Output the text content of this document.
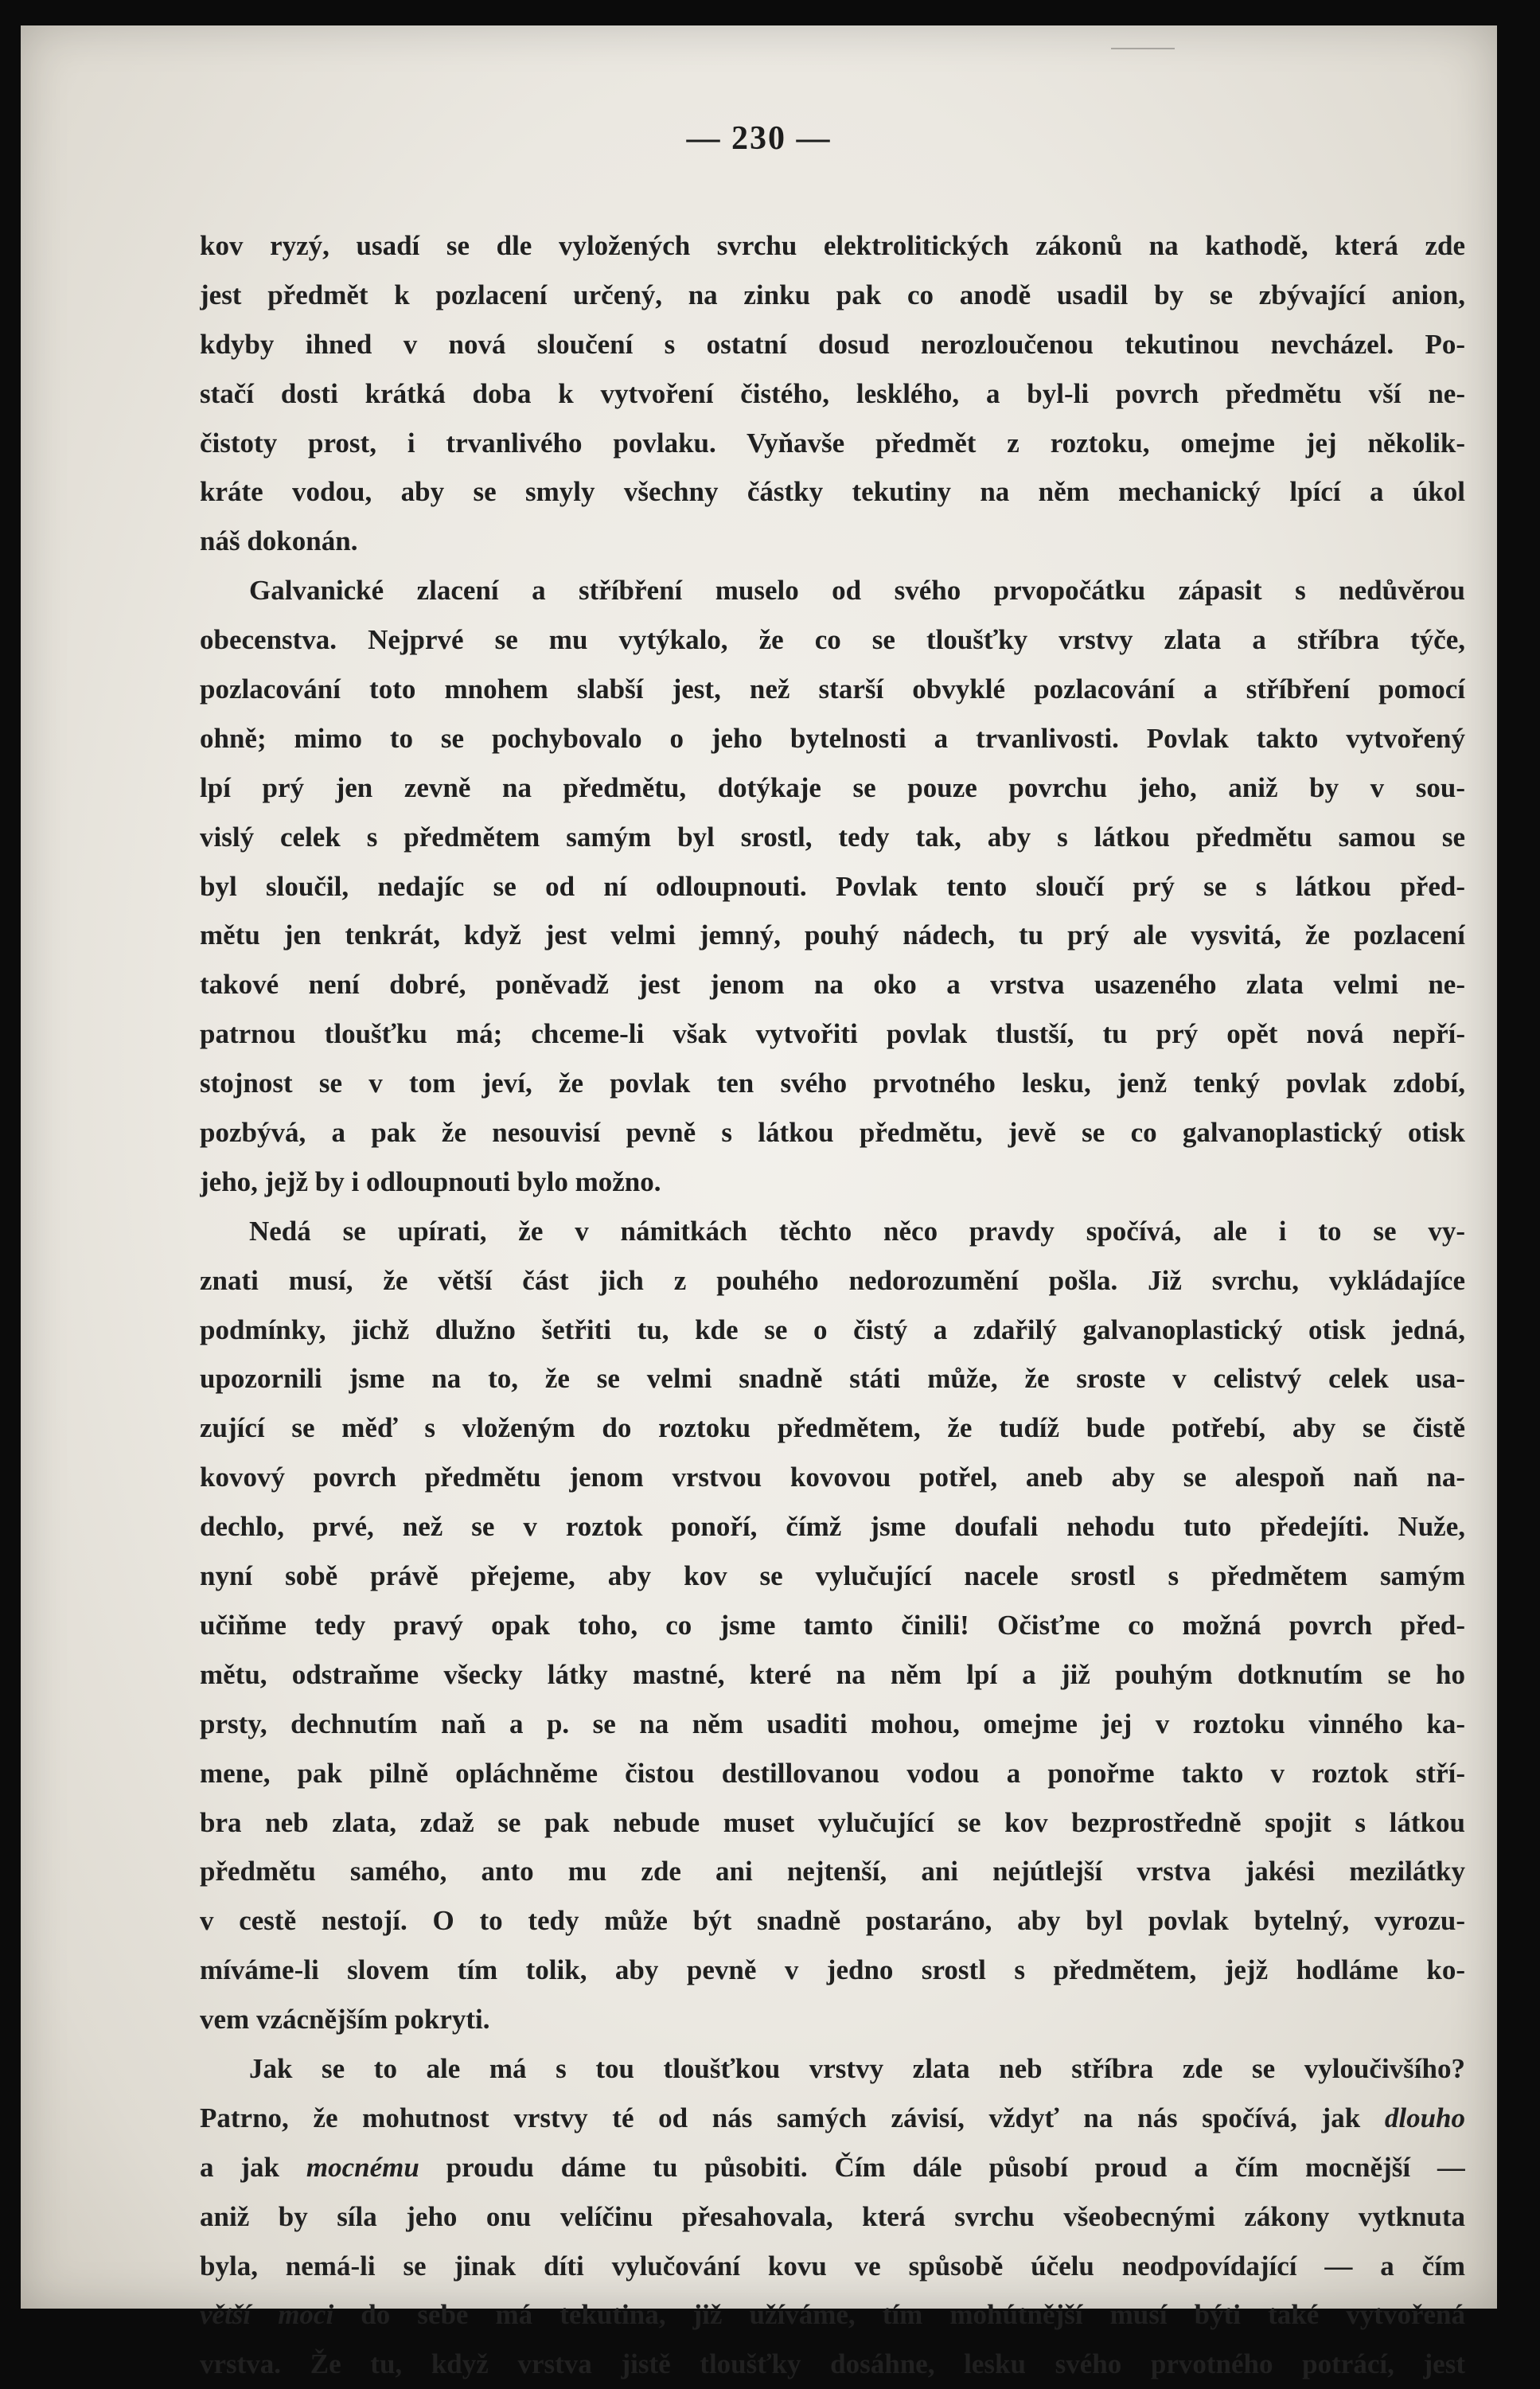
— 230 —
kov ryzý, usadí se dle vyložených svrchu elektrolitických zákonů na kathodě, která zde
jest předmět k pozlacení určený, na zinku pak co anodě usadil by se zbývající anion,
kdyby ihned v nová sloučení s ostatní dosud nerozloučenou tekutinou nevcházel. Po-
stačí dosti krátká doba k vytvoření čistého, lesklého, a byl-li povrch předmětu vší ne-
čistoty prost, i trvanlivého povlaku. Vyňavše předmět z roztoku, omejme jej několik-
kráte vodou, aby se smyly všechny částky tekutiny na něm mechanický lpící a úkol
náš dokonán.
Galvanické zlacení a stříbření muselo od svého prvopočátku zápasit s nedůvěrou
obecenstva. Nejprvé se mu vytýkalo, že co se tloušťky vrstvy zlata a stříbra týče,
pozlacování toto mnohem slabší jest, než starší obvyklé pozlacování a stříbření pomocí
ohně; mimo to se pochybovalo o jeho bytelnosti a trvanlivosti. Povlak takto vytvořený
lpí prý jen zevně na předmětu, dotýkaje se pouze povrchu jeho, aniž by v sou-
vislý celek s předmětem samým byl srostl, tedy tak, aby s látkou předmětu samou se
byl sloučil, nedajíc se od ní odloupnouti. Povlak tento sloučí prý se s látkou před-
mětu jen tenkrát, když jest velmi jemný, pouhý nádech, tu prý ale vysvitá, že pozlacení
takové není dobré, poněvadž jest jenom na oko a vrstva usazeného zlata velmi ne-
patrnou tloušťku má; chceme-li však vytvořiti povlak tlustší, tu prý opět nová nepří-
stojnost se v tom jeví, že povlak ten svého prvotného lesku, jenž tenký povlak zdobí,
pozbývá, a pak že nesouvisí pevně s látkou předmětu, jevě se co galvanoplastický otisk
jeho, jejž by i odloupnouti bylo možno.
Nedá se upírati, že v námitkách těchto něco pravdy spočívá, ale i to se vy-
znati musí, že větší část jich z pouhého nedorozumění pošla. Již svrchu, vykládajíce
podmínky, jichž dlužno šetřiti tu, kde se o čistý a zdařilý galvanoplastický otisk jedná,
upozornili jsme na to, že se velmi snadně státi může, že sroste v celistvý celek usa-
zující se měď s vloženým do roztoku předmětem, že tudíž bude potřebí, aby se čistě
kovový povrch předmětu jenom vrstvou kovovou potřel, aneb aby se alespoň naň na-
dechlo, prvé, než se v roztok ponoří, čímž jsme doufali nehodu tuto předejíti. Nuže,
nyní sobě právě přejeme, aby kov se vylučující nacele srostl s předmětem samým
učiňme tedy pravý opak toho, co jsme tamto činili! Očisťme co možná povrch před-
mětu, odstraňme všecky látky mastné, které na něm lpí a již pouhým dotknutím se ho
prsty, dechnutím naň a p. se na něm usaditi mohou, omejme jej v roztoku vinného ka-
mene, pak pilně opláchněme čistou destillovanou vodou a ponořme takto v roztok stří-
bra neb zlata, zdaž se pak nebude muset vylučující se kov bezprostředně spojit s látkou
předmětu samého, anto mu zde ani nejtenší, ani nejútlejší vrstva jakési mezilátky
v cestě nestojí. O to tedy může být snadně postaráno, aby byl povlak bytelný, vyrozu-
míváme-li slovem tím tolik, aby pevně v jedno srostl s předmětem, jejž hodláme ko-
vem vzácnějším pokryti.
Jak se to ale má s tou tloušťkou vrstvy zlata neb stříbra zde se vyloučivšího?
Patrno, že mohutnost vrstvy té od nás samých závisí, vždyť na nás spočívá, jak dlouho
a jak mocnému proudu dáme tu působiti. Čím dále působí proud a čím mocnější —
aniž by síla jeho onu velíčinu přesahovala, která svrchu všeobecnými zákony vytknuta
byla, nemá-li se jinak díti vylučování kovu ve spůsobě účelu neodpovídající — a čím
větší moci do sebe má tekutina, již užíváme, tím mohútnější musí býti také vytvořená
vrstva. Že tu, když vrstva jistě tloušťky dosáhne, lesku svého prvotného potrácí, jest
